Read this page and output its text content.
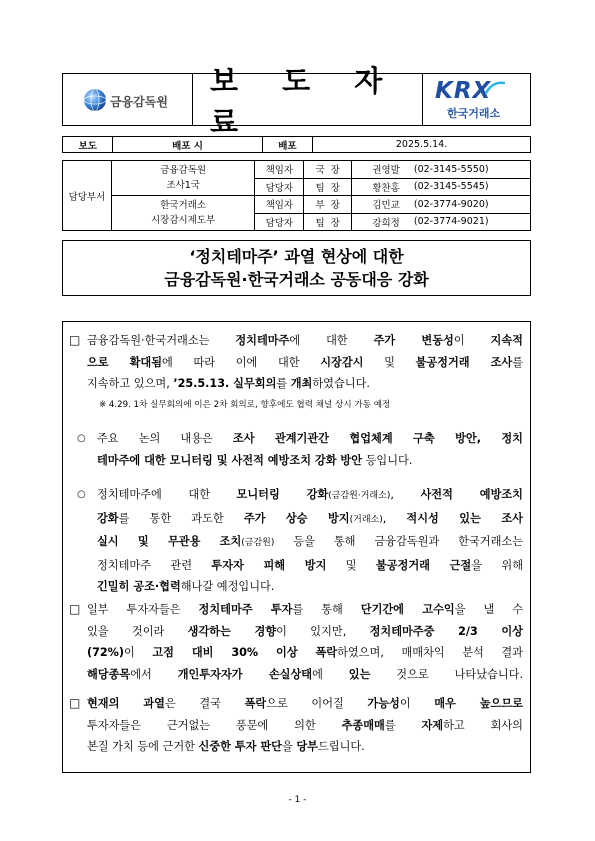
금융감독원
보 도 자 료
KRX
한국거래소
보도	배포 시	배포	2025.5.14.
담당부서	금융감독원
조사1국	책임자	국  장	권영발	(02-3145-5550)
		담당자	팀  장	황찬홍	(02-3145-5545)

	한국거래소
시장감시제도부	책임자	부  장	김민교	(02-3774-9020)
		담당자	팀  장	강희정	(02-3774-9021)
‘정치테마주’ 과열 현상에 대한
금융감독원·한국거래소 공동대응 강화
□ 금융감독원·한국거래소는 정치테마주에 대한 주가 변동성이 지속적
으로 확대됨에 따라 이에 대한 시장감시 및 불공정거래 조사를
지속하고 있으며, ’25.5.13. 실무회의를 개최하였습니다.
※ 4.29. 1차 실무회의에 이은 2차 회의로, 향후에도 협력 채널 상시 가동 예정
○ 주요 논의 내용은 조사 관계기관간 협업체계 구축 방안, 정치
테마주에 대한 모니터링 및 사전적 예방조치 강화 방안 등입니다.
○ 정치테마주에 대한 모니터링 강화(금감원·거래소), 사전적 예방조치
강화를 통한 과도한 주가 상승 방지(거래소), 적시성 있는 조사
실시 및 무관용 조치(금감원) 등을 통해 금융감독원과 한국거래소는
정치테마주 관련 투자자 피해 방지 및 불공정거래 근절을 위해
긴밀히 공조·협력해나갈 예정입니다.
□ 일부 투자자들은 정치테마주 투자를 통해 단기간에 고수익을 낼 수
있을 것이라 생각하는 경향이 있지만, 정치테마주중 2/3 이상
(72%)이 고점 대비 30% 이상 폭락하였으며, 매매차익 분석 결과
해당종목에서 개인투자자가 손실상태에 있는 것으로 나타났습니다.
□ 현재의 과열은 결국 폭락으로 이어질 가능성이 매우 높으므로
투자자들은 근거없는 풍문에 의한 추종매매를 자제하고 회사의
본질 가치 등에 근거한 신중한 투자 판단을 당부드립니다.
- 1 -
